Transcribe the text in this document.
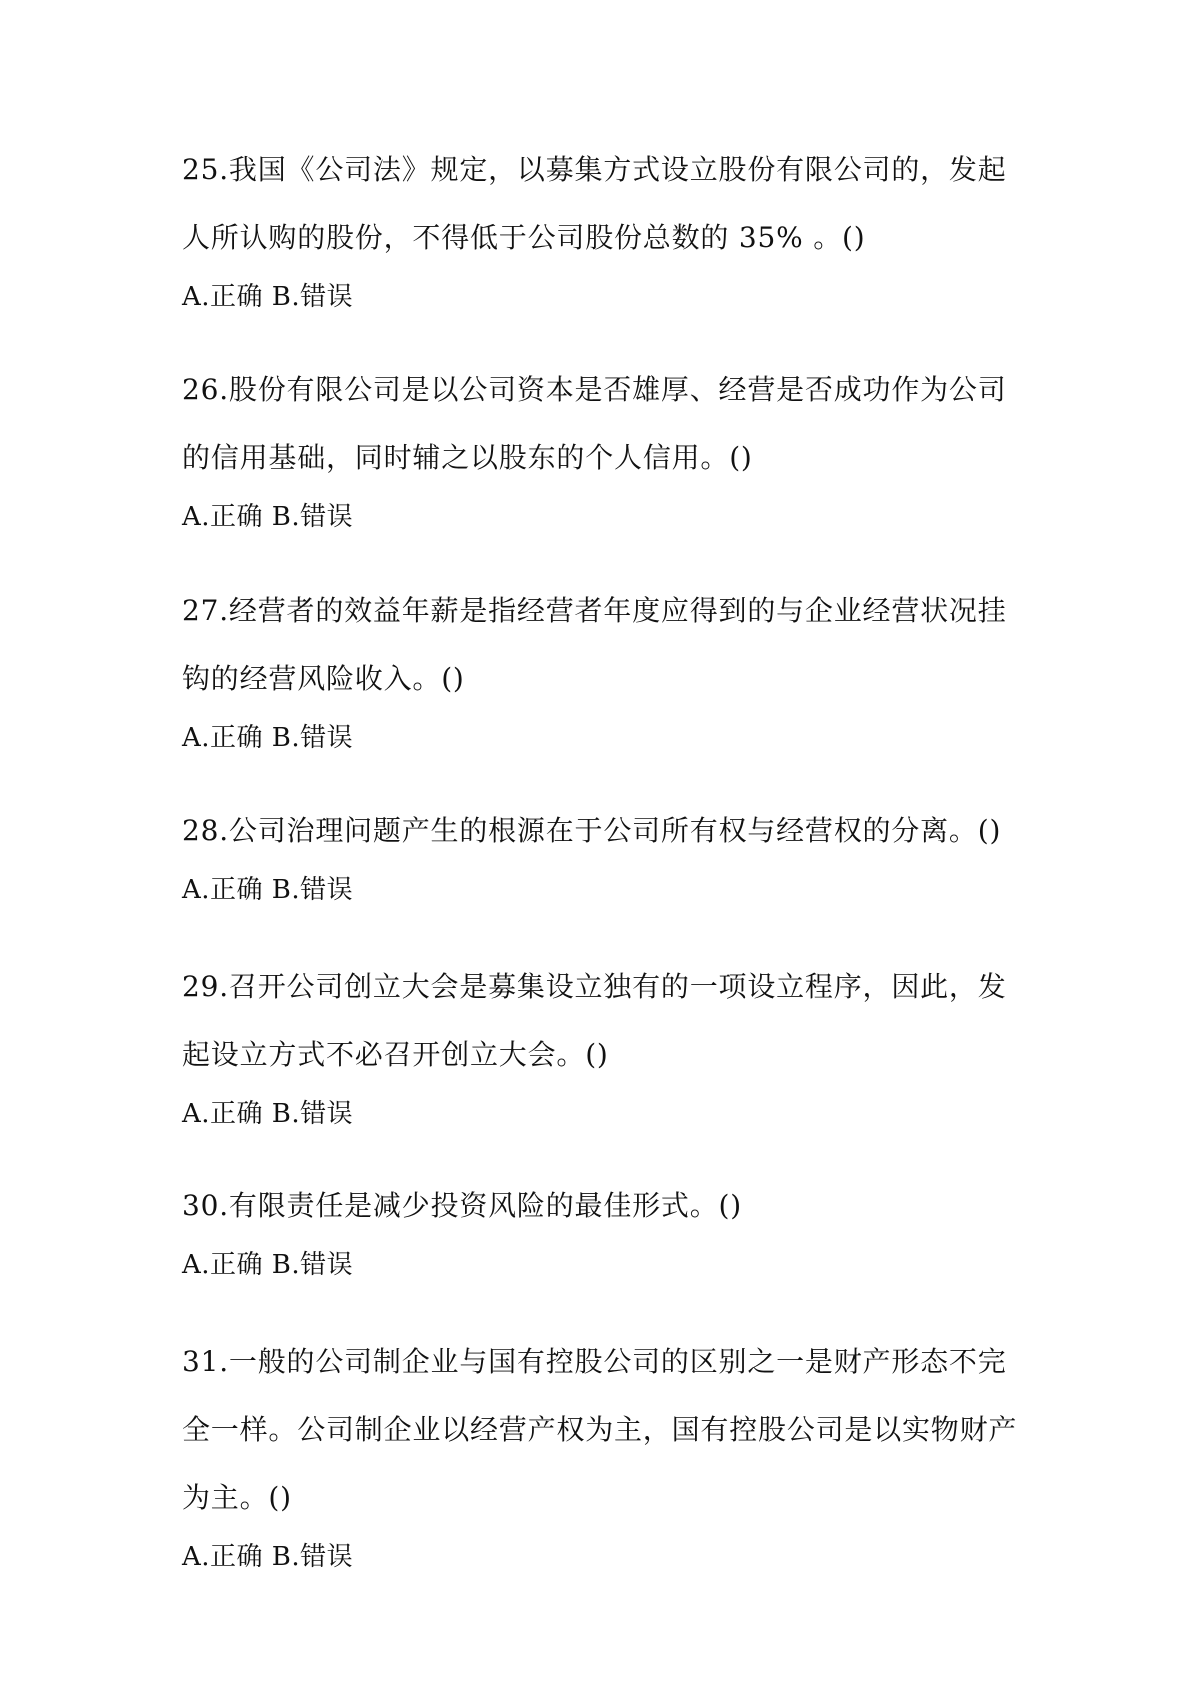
25.我国《公司法》规定，以募集方式设立股份有限公司的，发起人所认购的股份，不得低于公司股份总数的 35% 。()

A.正确 B.错误

26.股份有限公司是以公司资本是否雄厚、经营是否成功作为公司的信用基础，同时辅之以股东的个人信用。()

A.正确 B.错误

27.经营者的效益年薪是指经营者年度应得到的与企业经营状况挂钩的经营风险收入。()

A.正确 B.错误

28.公司治理问题产生的根源在于公司所有权与经营权的分离。()

A.正确 B.错误

29.召开公司创立大会是募集设立独有的一项设立程序，因此，发起设立方式不必召开创立大会。()

A.正确 B.错误

30.有限责任是减少投资风险的最佳形式。()

A.正确 B.错误

31.一般的公司制企业与国有控股公司的区别之一是财产形态不完全一样。公司制企业以经营产权为主，国有控股公司是以实物财产为主。()

A.正确 B.错误
